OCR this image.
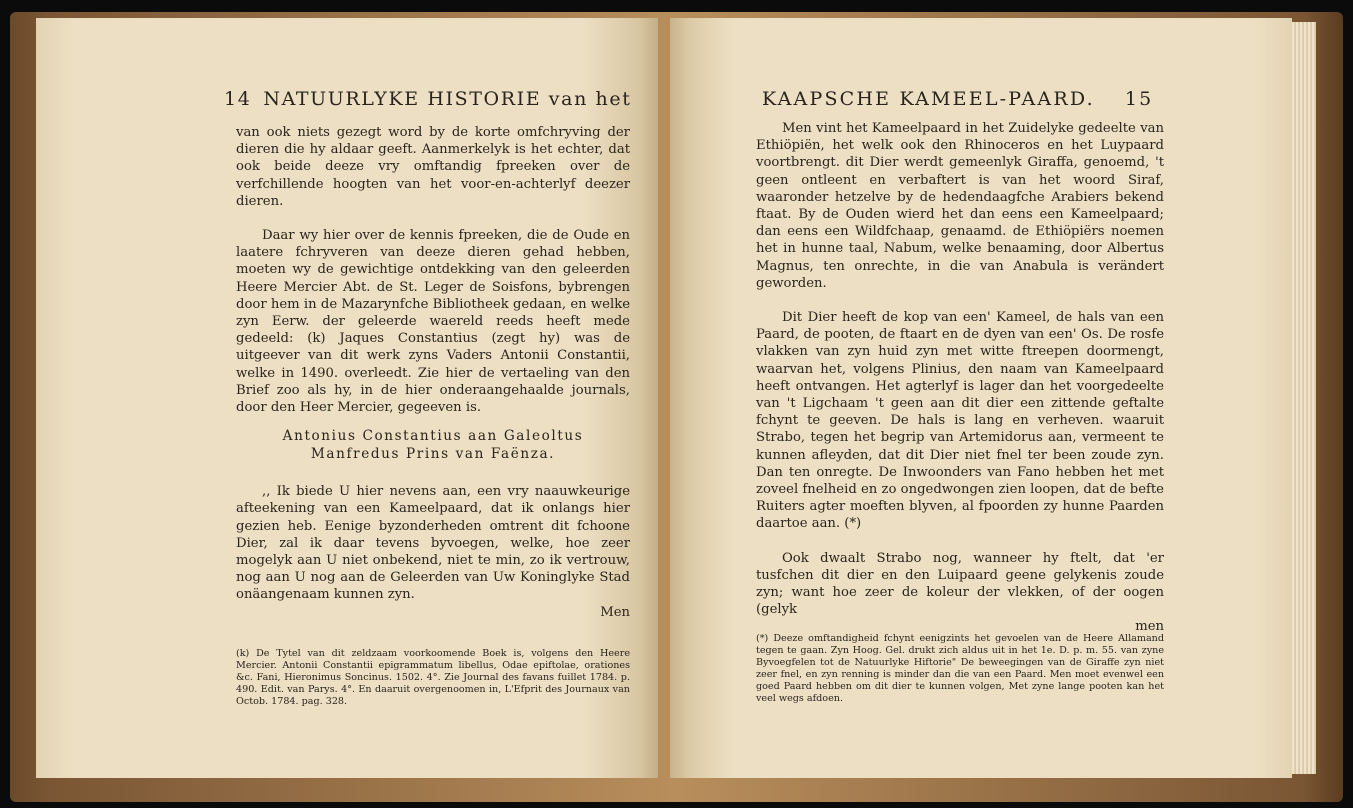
14 NATUURLYKE HISTORIE van het

van ook niets gezegt word by de korte omfchryving der dieren die hy aldaar geeft. Aanmerkelyk is het echter, dat ook beide deeze vry omftandig fpreeken over de verfchillende hoogten van het voor-en-achterlyf deezer dieren.

Daar wy hier over de kennis fpreeken, die de Oude en laatere fchryveren van deeze dieren gehad hebben, moeten wy de gewichtige ontdekking van den geleerden Heere Mercier Abt. de St. Leger de Soisfons, bybrengen door hem in de Mazarynfche Bibliotheek gedaan, en welke zyn Eerw. der geleerde waereld reeds heeft mede gedeeld: (k) Jaques Constantius (zegt hy) was de uitgeever van dit werk zyns Vaders Antonii Constantii, welke in 1490. overleedt. Zie hier de vertaeling van den Brief zoo als hy, in de hier onderaangehaalde journals, door den Heer Mercier, gegeeven is.

Antonius Constantius aan Galeoltus
Manfredus Prins van Faënza.

,, Ik biede U hier nevens aan, een vry naauwkeurige afteekening van een Kameelpaard, dat ik onlangs hier gezien heb. Eenige byzonderheden omtrent dit fchoone Dier, zal ik daar tevens byvoegen, welke, hoe zeer mogelyk aan U niet onbekend, niet te min, zo ik vertrouw, nog aan U nog aan de Geleerden van Uw Koninglyke Stad onäangenaam kunnen zyn.

Men

(k) De Tytel van dit zeldzaam voorkoomende Boek is, volgens den Heere Mercier. Antonii Constantii epigrammatum libellus, Odae epiftolae, orationes &c. Fani, Hieronimus Soncinus. 1502. 4°. Zie Journal des favans fuillet 1784. p. 490. Edit. van Parys. 4°. En daaruit overgenoomen in, L'Efprit des Journaux van Octob. 1784. pag. 328.

KAAPSCHE KAMEEL-PAARD. 15

Men vint het Kameelpaard in het Zuidelyke gedeelte van Ethiöpiën, het welk ook den Rhinoceros en het Luypaard voortbrengt. dit Dier werdt gemeenlyk Giraffa, genoemd, 't geen ontleent en verbaftert is van het woord Siraf, waaronder hetzelve by de hedendaagfche Arabiers bekend ftaat. By de Ouden wierd het dan eens een Kameelpaard; dan eens een Wildfchaap, genaamd. de Ethiöpiërs noemen het in hunne taal, Nabum, welke benaaming, door Albertus Magnus, ten onrechte, in die van Anabula is verändert geworden.

Dit Dier heeft de kop van een' Kameel, de hals van een Paard, de pooten, de ftaart en de dyen van een' Os. De rosfe vlakken van zyn huid zyn met witte ftreepen doormengt, waarvan het, volgens Plinius, den naam van Kameelpaard heeft ontvangen. Het agterlyf is lager dan het voorgedeelte van 't Ligchaam 't geen aan dit dier een zittende geftalte fchynt te geeven. De hals is lang en verheven. waaruit Strabo, tegen het begrip van Artemidorus aan, vermeent te kunnen afleyden, dat dit Dier niet fnel ter been zoude zyn. Dan ten onregte. De Inwoonders van Fano hebben het met zoveel fnelheid en zo ongedwongen zien loopen, dat de befte Ruiters agter moeften blyven, al fpoorden zy hunne Paarden daartoe aan. (*)

Ook dwaalt Strabo nog, wanneer hy ftelt, dat 'er tusfchen dit dier en den Luipaard geene gelykenis zoude zyn; want hoe zeer de koleur der vlekken, of der oogen (gelyk

men

(*) Deeze omftandigheid fchynt eenigzints het gevoelen van de Heere Allamand tegen te gaan. Zyn Hoog. Gel. drukt zich aldus uit in het 1e. D. p. m. 55. van zyne Byvoegfelen tot de Natuurlyke Hiftorie" De beweegingen van de Giraffe zyn niet zeer fnel, en zyn renning is minder dan die van een Paard. Men moet evenwel een goed Paard hebben om dit dier te kunnen volgen, Met zyne lange pooten kan het veel wegs afdoen.
